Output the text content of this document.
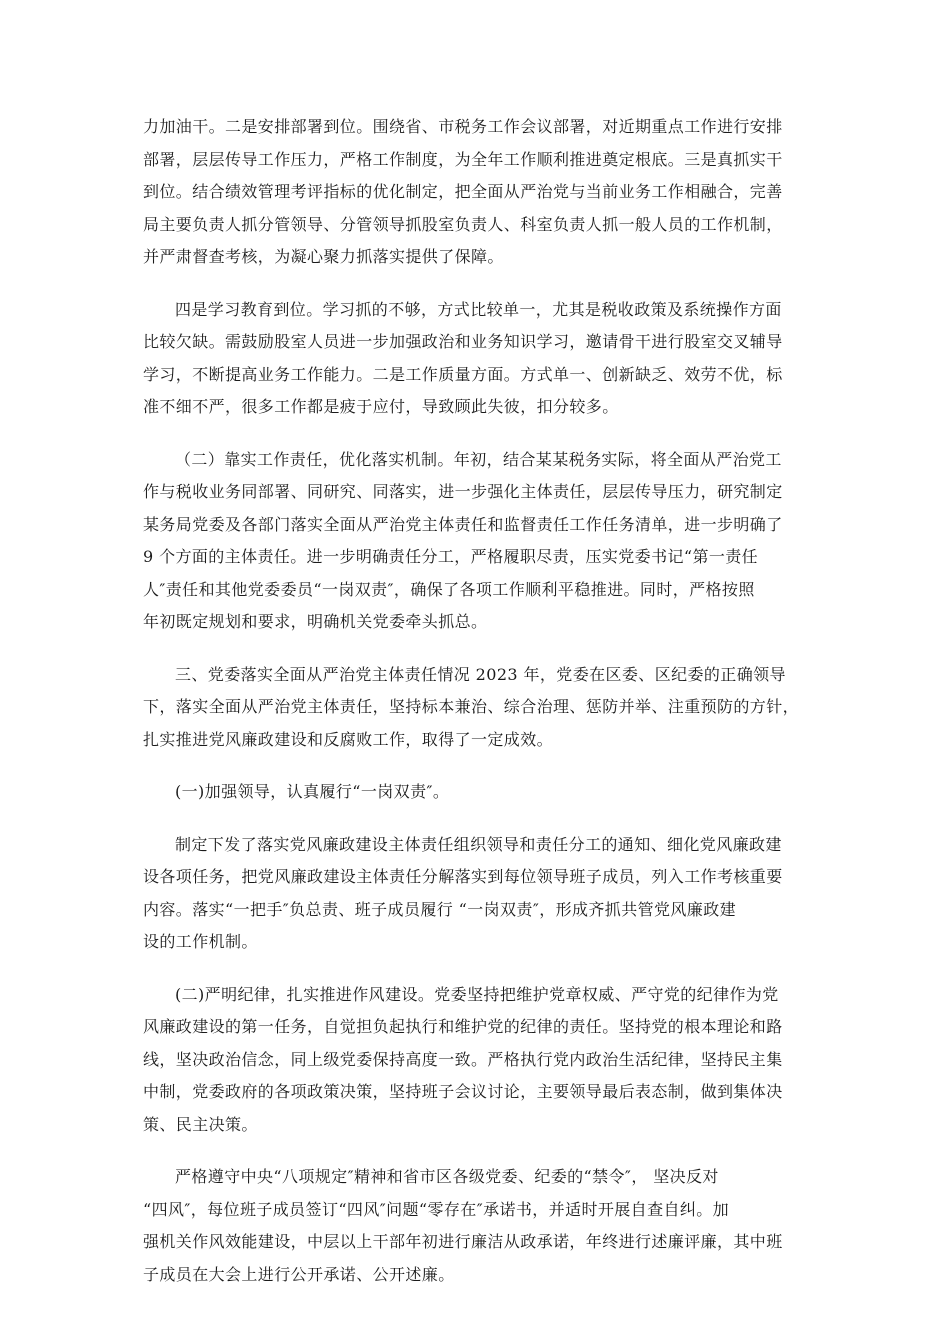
力加油干。二是安排部署到位。围绕省、市税务工作会议部署，对近期重点工作进行安排
部署，层层传导工作压力，严格工作制度，为全年工作顺利推进奠定根底。三是真抓实干
到位。结合绩效管理考评指标的优化制定，把全面从严治党与当前业务工作相融合，完善
局主要负责人抓分管领导、分管领导抓股室负责人、科室负责人抓一般人员的工作机制，
并严肃督查考核，为凝心聚力抓落实提供了保障。

四是学习教育到位。学习抓的不够，方式比较单一，尤其是税收政策及系统操作方面
比较欠缺。需鼓励股室人员进一步加强政治和业务知识学习，邀请骨干进行股室交叉辅导
学习，不断提高业务工作能力。二是工作质量方面。方式单一、创新缺乏、效劳不优，标
准不细不严，很多工作都是疲于应付，导致顾此失彼，扣分较多。

（二）靠实工作责任，优化落实机制。年初，结合某某税务实际，将全面从严治党工
作与税收业务同部署、同研究、同落实，进一步强化主体责任，层层传导压力，研究制定
某务局党委及各部门落实全面从严治党主体责任和监督责任工作任务清单，进一步明确了
9 个方面的主体责任。进一步明确责任分工，严格履职尽责，压实党委书记“第一责任
人″责任和其他党委委员“一岗双责″，确保了各项工作顺利平稳推进。同时，严格按照
年初既定规划和要求，明确机关党委牵头抓总。

三、党委落实全面从严治党主体责任情况 2023 年，党委在区委、区纪委的正确领导
下，落实全面从严治党主体责任，坚持标本兼治、综合治理、惩防并举、注重预防的方针，
扎实推进党风廉政建设和反腐败工作，取得了一定成效。

(一)加强领导，认真履行“一岗双责″。

制定下发了落实党风廉政建设主体责任组织领导和责任分工的通知、细化党风廉政建
设各项任务，把党风廉政建设主体责任分解落实到每位领导班子成员，列入工作考核重要
内容。落实“一把手″负总责、班子成员履行 “一岗双责″，形成齐抓共管党风廉政建
设的工作机制。

(二)严明纪律，扎实推进作风建设。党委坚持把维护党章权威、严守党的纪律作为党
风廉政建设的第一任务，自觉担负起执行和维护党的纪律的责任。坚持党的根本理论和路
线，坚决政治信念，同上级党委保持高度一致。严格执行党内政治生活纪律，坚持民主集
中制，党委政府的各项政策决策，坚持班子会议讨论，主要领导最后表态制，做到集体决
策、民主决策。

严格遵守中央“八项规定″精神和省市区各级党委、纪委的“禁令″， 坚决反对
“四风″，每位班子成员签订“四风″问题“零存在″承诺书，并适时开展自查自纠。加
强机关作风效能建设，中层以上干部年初进行廉洁从政承诺，年终进行述廉评廉，其中班
子成员在大会上进行公开承诺、公开述廉。
